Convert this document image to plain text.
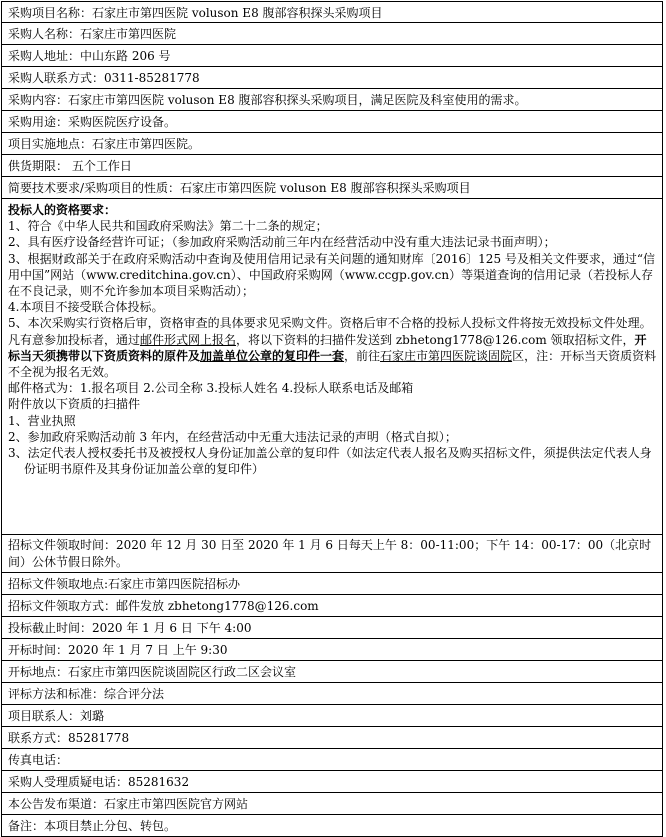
采购项目名称：石家庄市第四医院 voluson E8 腹部容积探头采购项目
采购人名称：石家庄市第四医院
采购人地址：中山东路 206 号
采购人联系方式：0311-85281778
采购内容：石家庄市第四医院 voluson E8 腹部容积探头采购项目，满足医院及科室使用的需求。
采购用途：采购医院医疗设备。
项目实施地点：石家庄市第四医院。
供货期限： 五个工作日
简要技术要求/采购项目的性质：石家庄市第四医院 voluson E8 腹部容积探头采购项目
投标人的资格要求：
1、符合《中华人民共和国政府采购法》第二十二条的规定；
2、具有医疗设备经营许可证；（参加政府采购活动前三年内在经营活动中没有重大违法记录书面声明）；
3、根据财政部关于在政府采购活动中查询及使用信用记录有关问题的通知财库〔2016〕125 号及相关文件要求，通过“信用中国”网站（www.creditchina.gov.cn）、中国政府采购网（www.ccgp.gov.cn）等渠道查询的信用记录（若投标人存在不良记录，则不允许参加本项目采购活动）；
4.本项目不接受联合体投标。
5、本次采购实行资格后审，资格审查的具体要求见采购文件。资格后审不合格的投标人投标文件将按无效投标文件处理。
凡有意参加投标者，通过邮件形式网上报名，将以下资料的扫描件发送到 zbhetong1778@126.com 领取招标文件，开标当天须携带以下资质资料的原件及加盖单位公章的复印件一套，前往石家庄市第四医院谈固院区，注：开标当天资质资料不全视为报名无效。
邮件格式为：1.报名项目 2.公司全称 3.投标人姓名 4.投标人联系电话及邮箱
附件放以下资质的扫描件
1、营业执照
2、参加政府采购活动前 3 年内，在经营活动中无重大违法记录的声明（格式自拟）；
3、法定代表人授权委托书及被授权人身份证加盖公章的复印件（如法定代表人报名及购买招标文件，须提供法定代表人身份证明书原件及其身份证加盖公章的复印件）
招标文件领取时间：2020 年 12 月 30 日至 2020 年 1 月 6 日每天上午 8：00-11:00；下午 14：00-17：00（北京时间）公休节假日除外。
招标文件领取地点:石家庄市第四医院招标办
招标文件领取方式：邮件发放 zbhetong1778@126.com
投标截止时间：2020 年 1 月 6 日 下午 4:00
开标时间：2020 年 1 月 7 日 上午 9:30
开标地点：石家庄市第四医院谈固院区行政二区会议室
评标方法和标准：综合评分法
项目联系人：刘璐
联系方式：85281778
传真电话：
采购人受理质疑电话：85281632
本公告发布渠道：石家庄市第四医院官方网站
备注：本项目禁止分包、转包。
